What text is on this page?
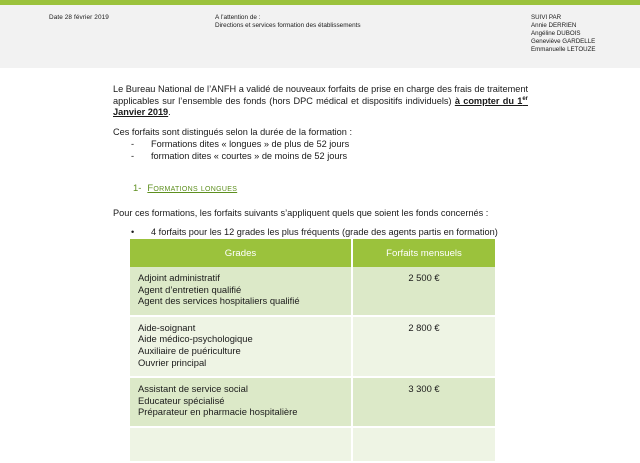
Date 28 février 2019	A l’attention de :
Directions et services formation des établissements
SUIVI PAR
Annie DERRIEN
Angéline DUBOIS
Geneviève GARDELLE
Emmanuelle LETOUZE
Le Bureau National de l’ANFH a validé de nouveaux forfaits de prise en charge des frais de traitement applicables sur l’ensemble des fonds (hors DPC médical et dispositifs individuels) à compter du 1er Janvier 2019.
Ces forfaits sont distingués selon la durée de la formation :
- Formations dites « longues » de plus de 52 jours
- formation dites « courtes » de moins de 52 jours
1- Formations longues
Pour ces formations, les forfaits suivants s’appliquent quels que soient les fonds concernés :
• 4 forfaits pour les 12 grades les plus fréquents (grade des agents partis en formation)
Grades	Forfaits mensuels

Adjoint administratif
Agent d’entretien qualifié
Agent des services hospitaliers qualifié	2 500 €

Aide-soignant
Aide médico-psychologique
Auxiliaire de puériculture
Ouvrier principal	2 800 €

Assistant de service social
Educateur spécialisé
Préparateur en pharmacie hospitalière	3 300 €
